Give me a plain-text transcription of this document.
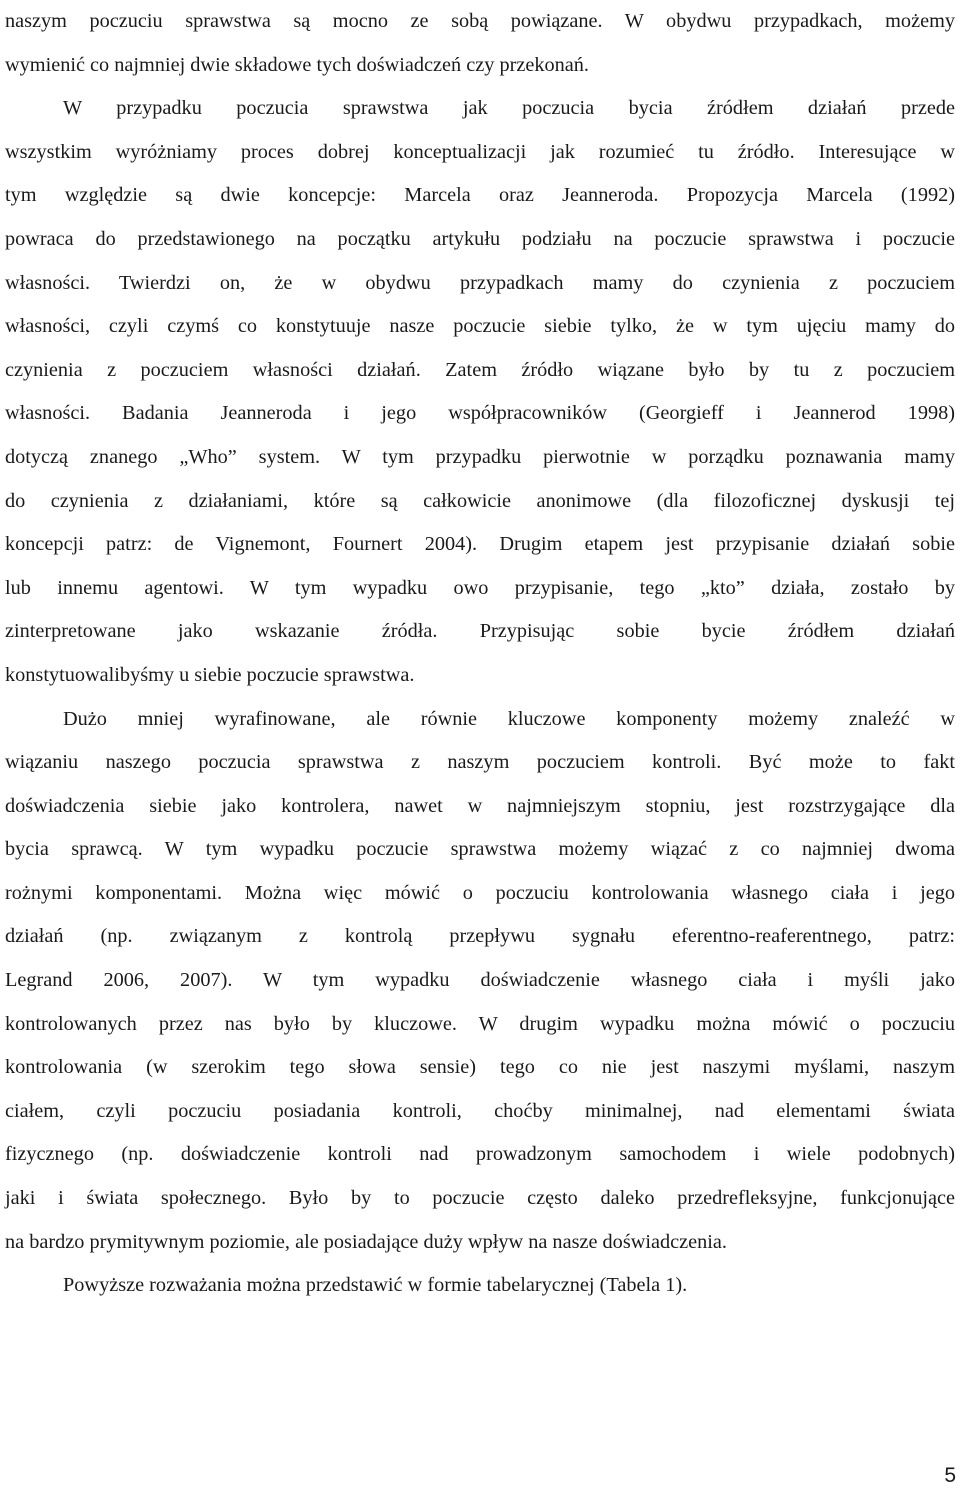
naszym poczuciu sprawstwa są mocno ze sobą powiązane. W obydwu przypadkach, możemy
wymienić co najmniej dwie składowe tych doświadczeń czy przekonań.
W przypadku poczucia sprawstwa jak poczucia bycia źródłem działań przede
wszystkim wyróżniamy proces dobrej konceptualizacji jak rozumieć tu źródło. Interesujące w
tym względzie są dwie koncepcje: Marcela oraz Jeanneroda. Propozycja Marcela (1992)
powraca do przedstawionego na początku artykułu podziału na poczucie sprawstwa i poczucie
własności. Twierdzi on, że w obydwu przypadkach mamy do czynienia z poczuciem
własności, czyli czymś co konstytuuje nasze poczucie siebie tylko, że w tym ujęciu mamy do
czynienia z poczuciem własności działań. Zatem źródło wiązane było by tu z poczuciem
własności. Badania Jeanneroda i jego współpracowników (Georgieff i Jeannerod 1998)
dotyczą znanego „Who” system. W tym przypadku pierwotnie w porządku poznawania mamy
do czynienia z działaniami, które są całkowicie anonimowe (dla filozoficznej dyskusji tej
koncepcji patrz: de Vignemont, Fournert 2004). Drugim etapem jest przypisanie działań sobie
lub innemu agentowi. W tym wypadku owo przypisanie, tego „kto” działa, zostało by
zinterpretowane jako wskazanie źródła. Przypisując sobie bycie źródłem działań
konstytuowalibyśmy u siebie poczucie sprawstwa.
Dużo mniej wyrafinowane, ale równie kluczowe komponenty możemy znaleźć w
wiązaniu naszego poczucia sprawstwa z naszym poczuciem kontroli. Być może to fakt
doświadczenia siebie jako kontrolera, nawet w najmniejszym stopniu, jest rozstrzygające dla
bycia sprawcą. W tym wypadku poczucie sprawstwa możemy wiązać z co najmniej dwoma
rożnymi komponentami. Można więc mówić o poczuciu kontrolowania własnego ciała i jego
działań (np. związanym z kontrolą przepływu sygnału eferentno-reaferentnego, patrz:
Legrand 2006, 2007). W tym wypadku doświadczenie własnego ciała i myśli jako
kontrolowanych przez nas było by kluczowe. W drugim wypadku można mówić o poczuciu
kontrolowania (w szerokim tego słowa sensie) tego co nie jest naszymi myślami, naszym
ciałem, czyli poczuciu posiadania kontroli, choćby minimalnej, nad elementami świata
fizycznego (np. doświadczenie kontroli nad prowadzonym samochodem i wiele podobnych)
jaki i świata społecznego. Było by to poczucie często daleko przedrefleksyjne, funkcjonujące
na bardzo prymitywnym poziomie, ale posiadające duży wpływ na nasze doświadczenia.
Powyższe rozważania można przedstawić w formie tabelarycznej (Tabela 1).
5
